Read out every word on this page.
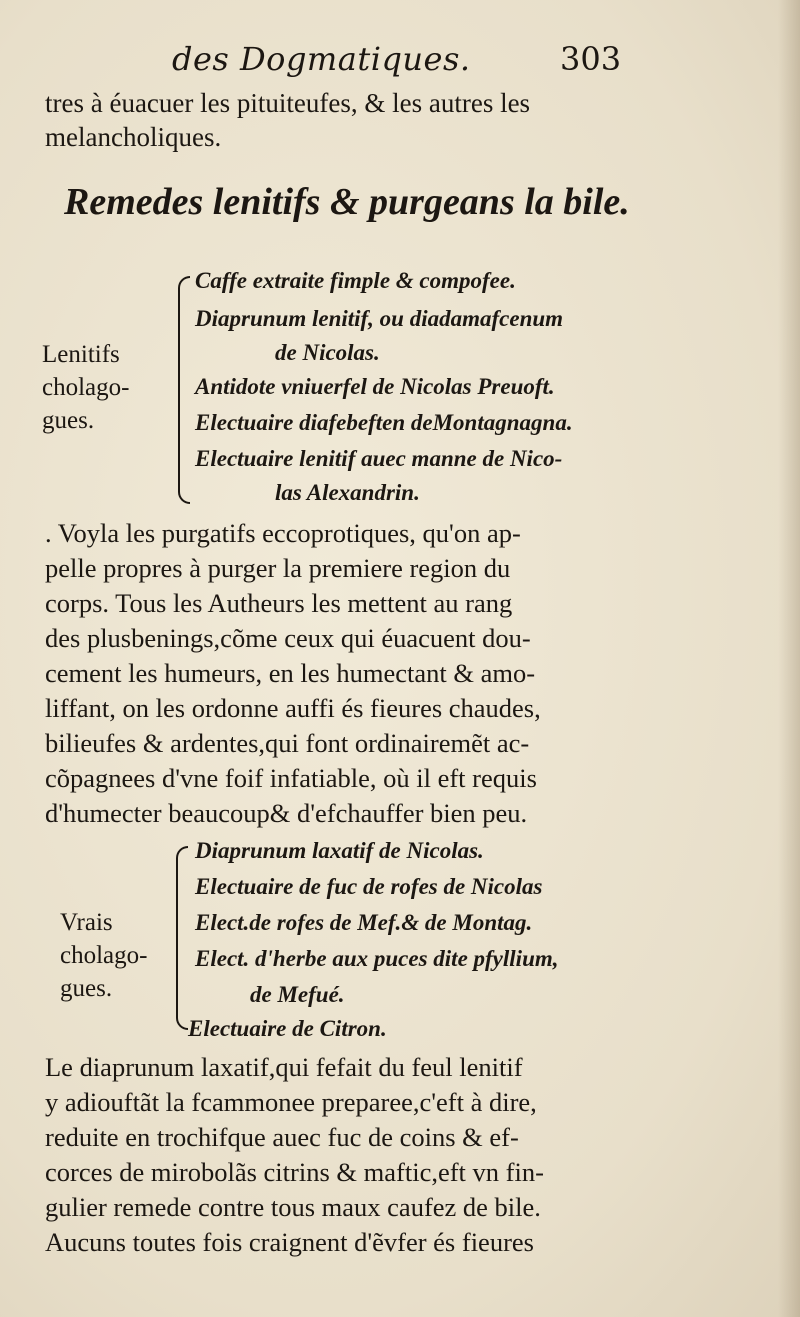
des Dogmatiques.	303
tres à éuacuer les pituiteufes, & les autres les
melancholiques.
Remedes lenitifs & purgeans la bile.
Lenitifs
cholago-
gues.
Caffe extraite fimple & compofee.
Diaprunum lenitif, ou diadamafcenum
de Nicolas.
Antidote vniuerfel de Nicolas Preuoft.
Electuaire diafebeften deMontagnagna.
Electuaire lenitif auec manne de Nico-
las Alexandrin.
. Voyla les purgatifs eccoprotiques, qu'on ap-
pelle propres à purger la premiere region du
corps. Tous les Autheurs les mettent au rang
des plusbenings,cõme ceux qui éuacuent dou-
cement les humeurs, en les humectant & amo-
liffant, on les ordonne auffi és fieures chaudes,
bilieufes & ardentes,qui font ordinairemẽt ac-
cõpagnees d'vne foif infatiable, où il eft requis
d'humecter beaucoup& d'efchauffer bien peu.
Vrais
cholago-
gues.
Diaprunum laxatif de Nicolas.
Electuaire de fuc de rofes de Nicolas
Elect.de rofes de Mef.& de Montag.
Elect. d'herbe aux puces dite pfyllium,
de Mefué.
Electuaire de Citron.
Le diaprunum laxatif,qui fefait du feul lenitif
y adiouftãt la fcammonee preparee,c'eft à dire,
reduite en trochifque auec fuc de coins & ef-
corces de mirobolãs citrins & maftic,eft vn fin-
gulier remede contre tous maux caufez de bile.
Aucuns toutes fois craignent d'ẽvfer és fieures
